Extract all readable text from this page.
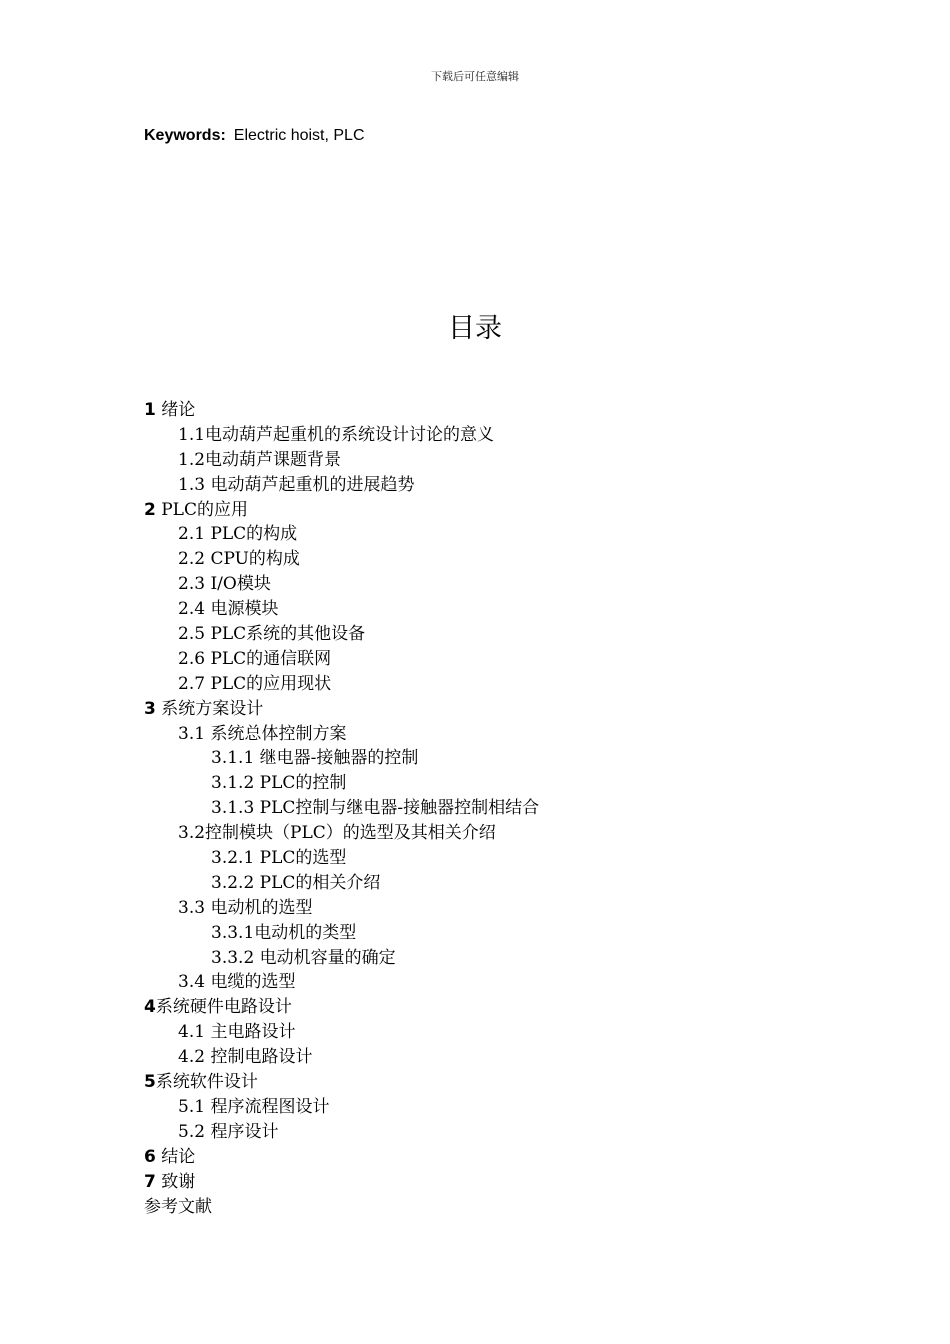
下载后可任意编辑
Keywords: Electric hoist, PLC
目录
1 绪论
1.1电动葫芦起重机的系统设计讨论的意义
1.2电动葫芦课题背景
1.3 电动葫芦起重机的进展趋势
2 PLC的应用
2.1 PLC的构成
2.2 CPU的构成
2.3 I/O模块
2.4 电源模块
2.5 PLC系统的其他设备
2.6 PLC的通信联网
2.7 PLC的应用现状
3 系统方案设计
3.1 系统总体控制方案
3.1.1 继电器-接触器的控制
3.1.2 PLC的控制
3.1.3 PLC控制与继电器-接触器控制相结合
3.2控制模块（PLC）的选型及其相关介绍
3.2.1 PLC的选型
3.2.2 PLC的相关介绍
3.3 电动机的选型
3.3.1电动机的类型
3.3.2 电动机容量的确定
3.4 电缆的选型
4系统硬件电路设计
4.1 主电路设计
4.2 控制电路设计
5系统软件设计
5.1 程序流程图设计
5.2 程序设计
6 结论
7 致谢
参考文献
